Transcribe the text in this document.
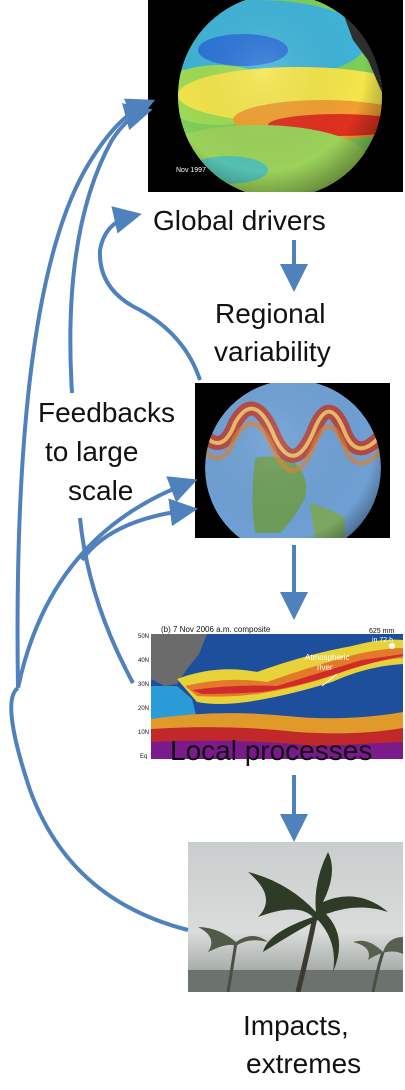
Nov 1997
(b) 7 Nov 2006 a.m. composite	625 mm
in 72 h
Atmospheric
river
50N
40N
30N
20N
10N
Eq
Global drivers
Regional
variability
Feedbacks
to large
scale
Local processes
Impacts,
extremes
